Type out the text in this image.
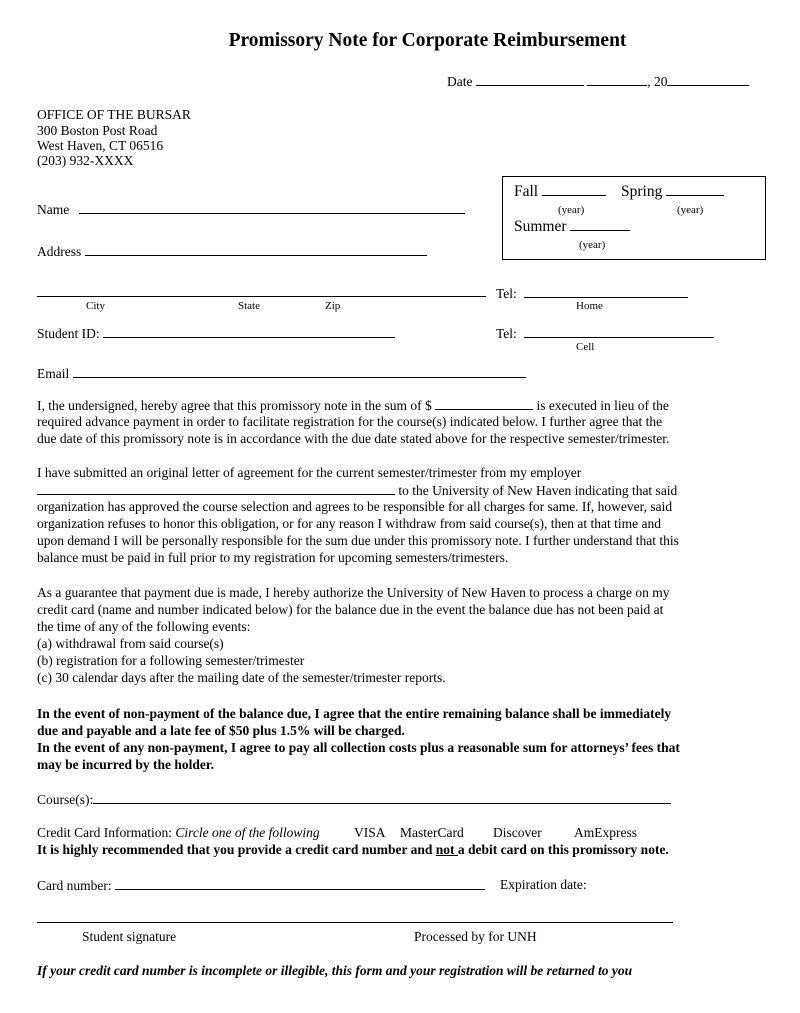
Promissory Note for Corporate Reimbursement
Date	, 20
OFFICE OF THE BURSAR
300 Boston Post Road
West Haven, CT 06516
(203) 932-XXXX
Fall	Spring
(year)	(year)
Summer
(year)
Name
Address
City	State	Zip
Tel:
Home
Student ID:	Tel:
Cell
Email
I, the undersigned, hereby agree that this promissory note in the sum of $	is executed in lieu of the
required advance payment in order to facilitate registration for the course(s) indicated below. I further agree that the
due date of this promissory note is in accordance with the due date stated above for the respective semester/trimester.
I have submitted an original letter of agreement for the current semester/trimester from my employer
to the University of New Haven indicating that said
organization has approved the course selection and agrees to be responsible for all charges for same. If, however, said
organization refuses to honor this obligation, or for any reason I withdraw from said course(s), then at that time and
upon demand I will be personally responsible for the sum due under this promissory note. I further understand that this
balance must be paid in full prior to my registration for upcoming semesters/trimesters.
As a guarantee that payment due is made, I hereby authorize the University of New Haven to process a charge on my
credit card (name and number indicated below) for the balance due in the event the balance due has not been paid at
the time of any of the following events:
(a) withdrawal from said course(s)
(b) registration for a following semester/trimester
(c) 30 calendar days after the mailing date of the semester/trimester reports.
In the event of non-payment of the balance due, I agree that the entire remaining balance shall be immediately
due and payable and a late fee of $50 plus 1.5% will be charged.
In the event of any non-payment, I agree to pay all collection costs plus a reasonable sum for attorneys’ fees that
may be incurred by the holder.
Course(s):
Credit Card Information: Circle one of the following	VISA MasterCard Discover AmExpress
It is highly recommended that you provide a credit card number and not a debit card on this promissory note.
Card number:	Expiration date:
Student signature	Processed by for UNH
If your credit card number is incomplete or illegible, this form and your registration will be returned to you
